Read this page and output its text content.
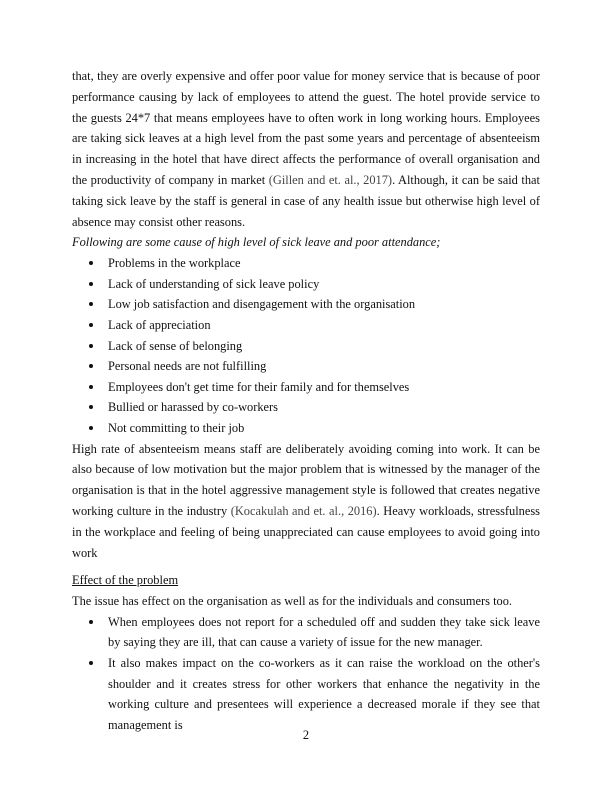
that, they are overly expensive and offer poor value for money service that is because of poor performance causing by lack of employees to attend the guest. The hotel provide service to the guests 24*7 that means employees have to often work in long working hours. Employees are taking sick leaves at a high level from the past some years and percentage of absenteeism in increasing in the hotel that have direct affects the performance of overall organisation and the productivity of company in market (Gillen and et. al., 2017). Although, it can be said that taking sick leave by the staff is general in case of any health issue but otherwise high level of absence may consist other reasons.

Following are some cause of high level of sick leave and poor attendance;

Problems in the workplace
Lack of understanding of sick leave policy
Low job satisfaction and disengagement with the organisation
Lack of appreciation
Lack of sense of belonging
Personal needs are not fulfilling
Employees don't get time for their family and for themselves
Bullied or harassed by co-workers
Not committing to their job

High rate of absenteeism means staff are deliberately avoiding coming into work. It can be also because of low motivation but the major problem that is witnessed by the manager of the organisation is that in the hotel aggressive management style is followed that creates negative working culture in the industry (Kocakulah and et. al., 2016). Heavy workloads, stressfulness in the workplace and feeling of being unappreciated can cause employees to avoid going into work

Effect of the problem

The issue has effect on the organisation as well as for the individuals and consumers too.

When employees does not report for a scheduled off and sudden they take sick leave by saying they are ill, that can cause a variety of issue for the new manager.
It also makes impact on the co-workers as it can raise the workload on the other's shoulder and it creates stress for other workers that enhance the negativity in the working culture and presentees will experience a decreased morale if they see that management is
2
